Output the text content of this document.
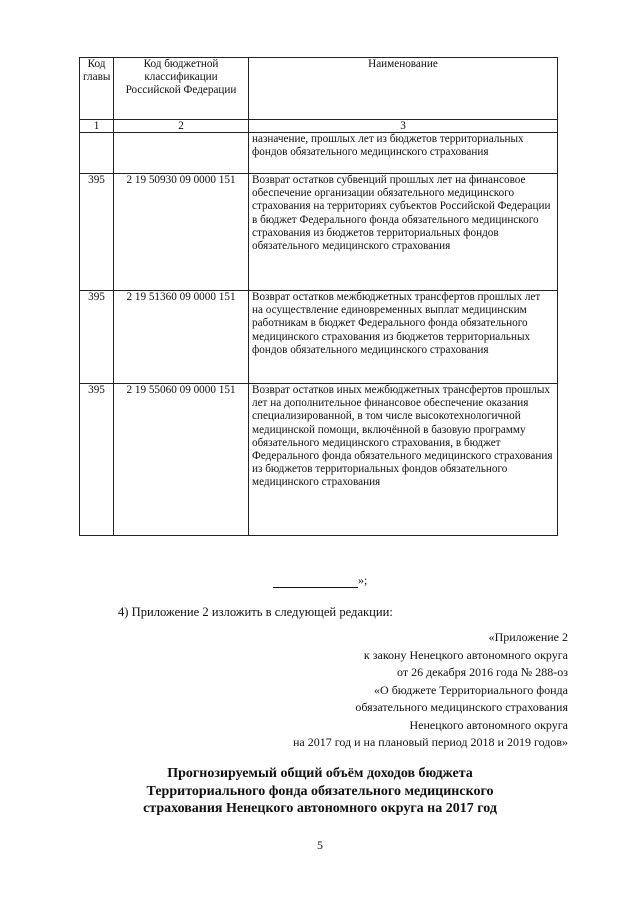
Код главы	Код бюджетной классификации Российской Федерации	Наименование
1	2	3
		назначение, прошлых лет из бюджетов территориальных фондов обязательного медицинского страхования
395	2 19 50930 09 0000 151	Возврат остатков субвенций прошлых лет на финансовое обеспечение организации обязательного медицинского страхования на территориях субъектов Российской Федерации в бюджет Федерального фонда обязательного медицинского страхования из бюджетов территориальных фондов обязательного медицинского страхования
395	2 19 51360 09 0000 151	Возврат остатков межбюджетных трансфертов прошлых лет на осуществление единовременных выплат медицинским работникам в бюджет Федерального фонда обязательного медицинского страхования из бюджетов территориальных фондов обязательного медицинского страхования
395	2 19 55060 09 0000 151	Возврат остатков иных межбюджетных трансфертов прошлых лет на дополнительное финансовое обеспечение оказания специализированной, в том числе высокотехнологичной медицинской помощи, включённой в базовую программу обязательного медицинского страхования, в бюджет Федерального фонда обязательного медицинского страхования из бюджетов территориальных фондов обязательного медицинского страхования
»;
4) Приложение 2 изложить в следующей редакции:
«Приложение 2
к закону Ненецкого автономного округа
от 26 декабря 2016 года № 288-оз
«О бюджете Территориального фонда
обязательного медицинского страхования
Ненецкого автономного округа
на 2017 год и на плановый период 2018 и 2019 годов»
Прогнозируемый общий объём доходов бюджета
Территориального фонда обязательного медицинского
страхования Ненецкого автономного округа на 2017 год
5
